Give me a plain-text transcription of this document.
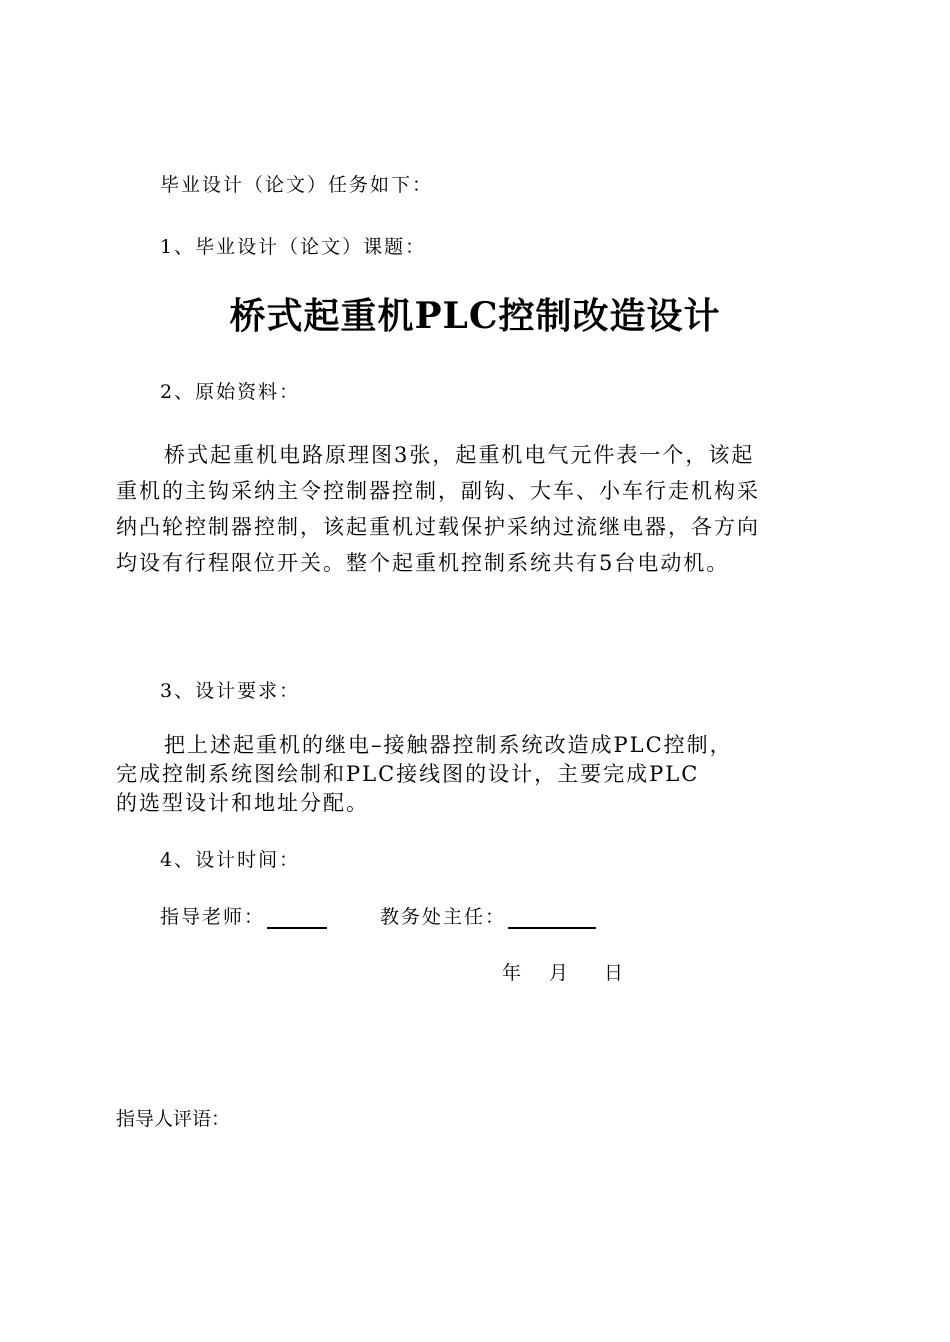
毕业设计（论文）任务如下：
1、毕业设计（论文）课题：
桥式起重机PLC控制改造设计
2、原始资料：
桥式起重机电路原理图3张，起重机电气元件表一个，该起
重机的主钩采纳主令控制器控制，副钩、大车、小车行走机构采
纳凸轮控制器控制，该起重机过载保护采纳过流继电器，各方向
均设有行程限位开关。整个起重机控制系统共有5台电动机。
3、设计要求：
把上述起重机的继电–接触器控制系统改造成PLC控制，
完成控制系统图绘制和PLC接线图的设计，主要完成PLC
的选型设计和地址分配。
4、设计时间：
指导老师：	教务处主任：
年 月 日
指导人评语：
